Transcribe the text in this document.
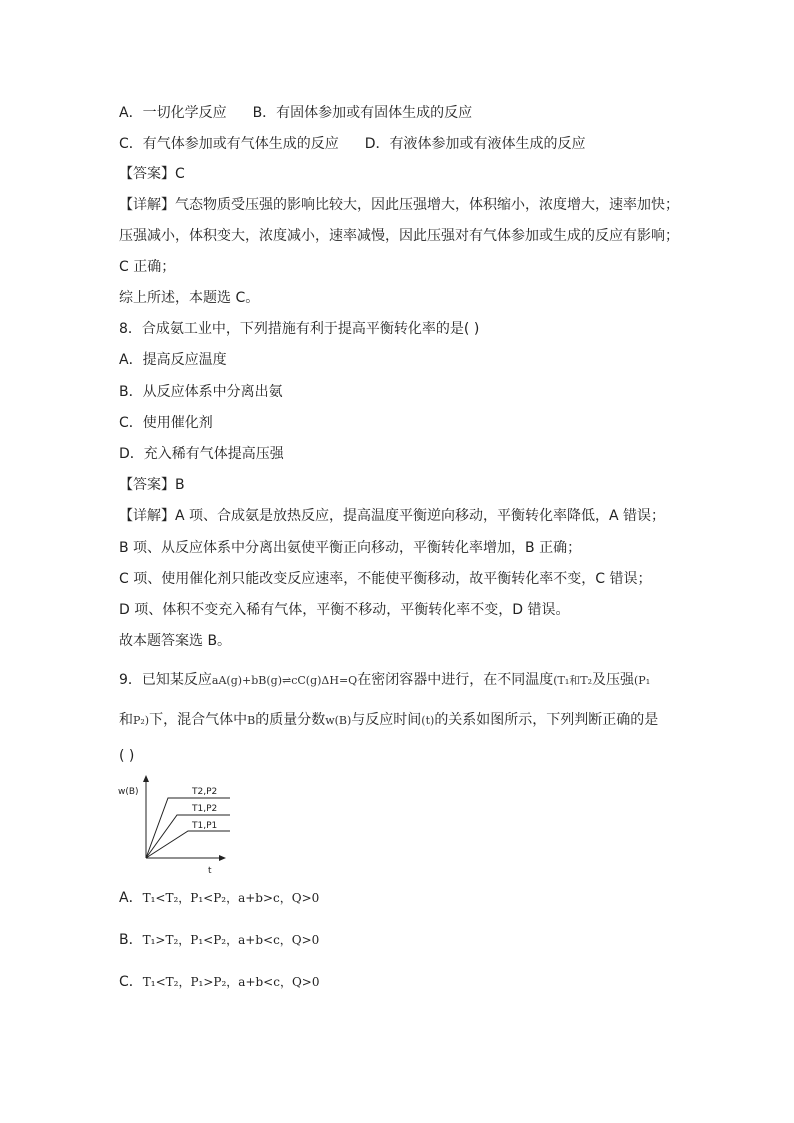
A．一切化学反应 B．有固体参加或有固体生成的反应
C．有气体参加或有气体生成的反应 D．有液体参加或有液体生成的反应
【答案】C
【详解】气态物质受压强的影响比较大，因此压强增大，体积缩小，浓度增大，速率加快；
压强减小，体积变大，浓度减小，速率减慢，因此压强对有气体参加或生成的反应有影响；
C 正确；
综上所述，本题选 C。
8．合成氨工业中，下列措施有利于提高平衡转化率的是( )
A．提高反应温度
B．从反应体系中分离出氨
C．使用催化剂
D．充入稀有气体提高压强
【答案】B
【详解】A 项、合成氨是放热反应，提高温度平衡逆向移动，平衡转化率降低，A 错误；
B 项、从反应体系中分离出氨使平衡正向移动，平衡转化率增加，B 正确；
C 项、使用催化剂只能改变反应速率，不能使平衡移动，故平衡转化率不变，C 错误；
D 项、体积不变充入稀有气体，平衡不移动，平衡转化率不变，D 错误。
故本题答案选 B。
9．已知某反应aA(g)+bB(g)⇌cC(g)ΔH=Q在密闭容器中进行，在不同温度(T₁和T₂及压强(P₁
和P₂)下，混合气体中B的质量分数w(B)与反应时间(t)的关系如图所示，下列判断正确的是
( )
w(B)
t
T2,P2
T1,P2
T1,P1
A．T₁<T₂，P₁<P₂，a+b>c，Q>0
B．T₁>T₂，P₁<P₂，a+b<c，Q>0
C．T₁<T₂，P₁>P₂，a+b<c，Q>0
